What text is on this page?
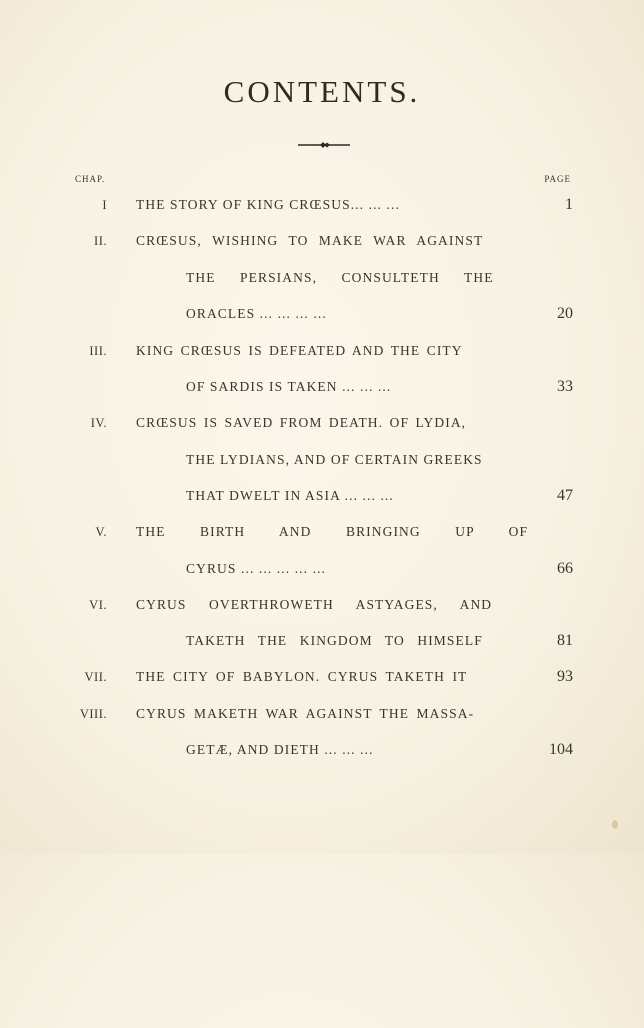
CONTENTS.
CHAP.	PAGE
I THE STORY OF KING CRŒSUS... ... ...	1
II. CRŒSUS, WISHING TO MAKE WAR AGAINST
THE PERSIANS, CONSULTETH THE
ORACLES ... ... ... ...	20
III. KING CRŒSUS IS DEFEATED AND THE CITY
OF SARDIS IS TAKEN ... ... ...	33
IV. CRŒSUS IS SAVED FROM DEATH. OF LYDIA,
THE LYDIANS, AND OF CERTAIN GREEKS
THAT DWELT IN ASIA ... ... ...	47
V. THE BIRTH AND BRINGING UP OF
CYRUS ... ... ... ... ...	66
VI. CYRUS OVERTHROWETH ASTYAGES, AND
TAKETH THE KINGDOM TO HIMSELF	81
VII. THE CITY OF BABYLON. CYRUS TAKETH IT	93
VIII. CYRUS MAKETH WAR AGAINST THE MASSA-
GETÆ, AND DIETH ... ... ...	104
